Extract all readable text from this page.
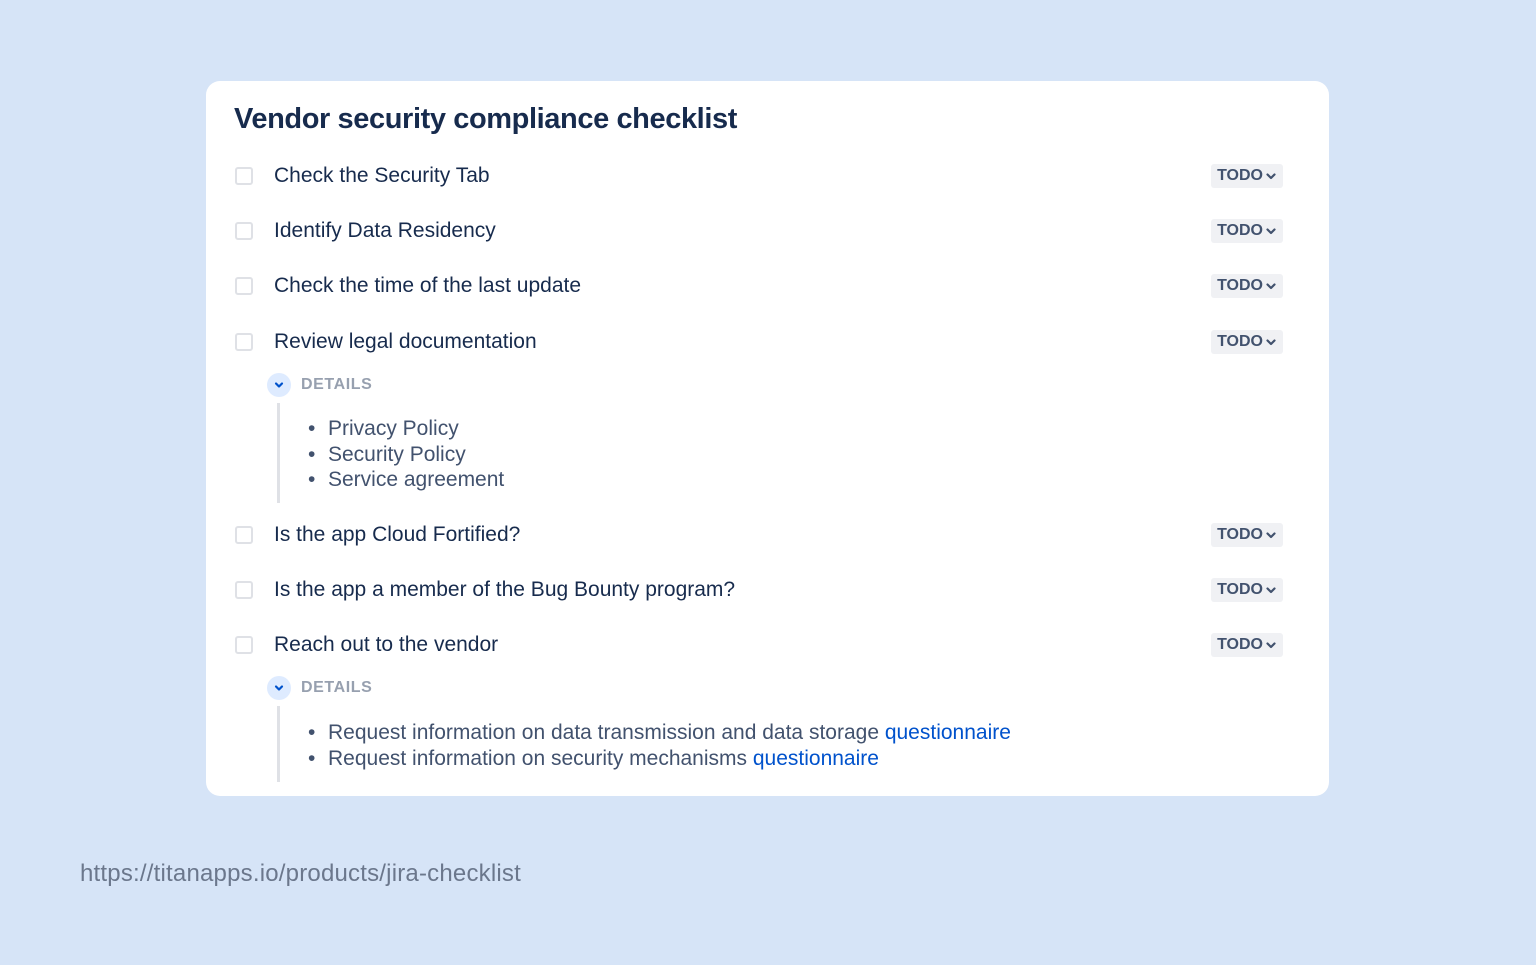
Vendor security compliance checklist
Check the Security Tab	TODO
Identify Data Residency	TODO
Check the time of the last update	TODO
Review legal documentation	TODO
DETAILS
• Privacy Policy
• Security Policy
• Service agreement
Is the app Cloud Fortified?	TODO
Is the app a member of the Bug Bounty program?	TODO
Reach out to the vendor	TODO
DETAILS
• Request information on data transmission and data storage questionnaire
• Request information on security mechanisms questionnaire
https://titanapps.io/products/jira-checklist
